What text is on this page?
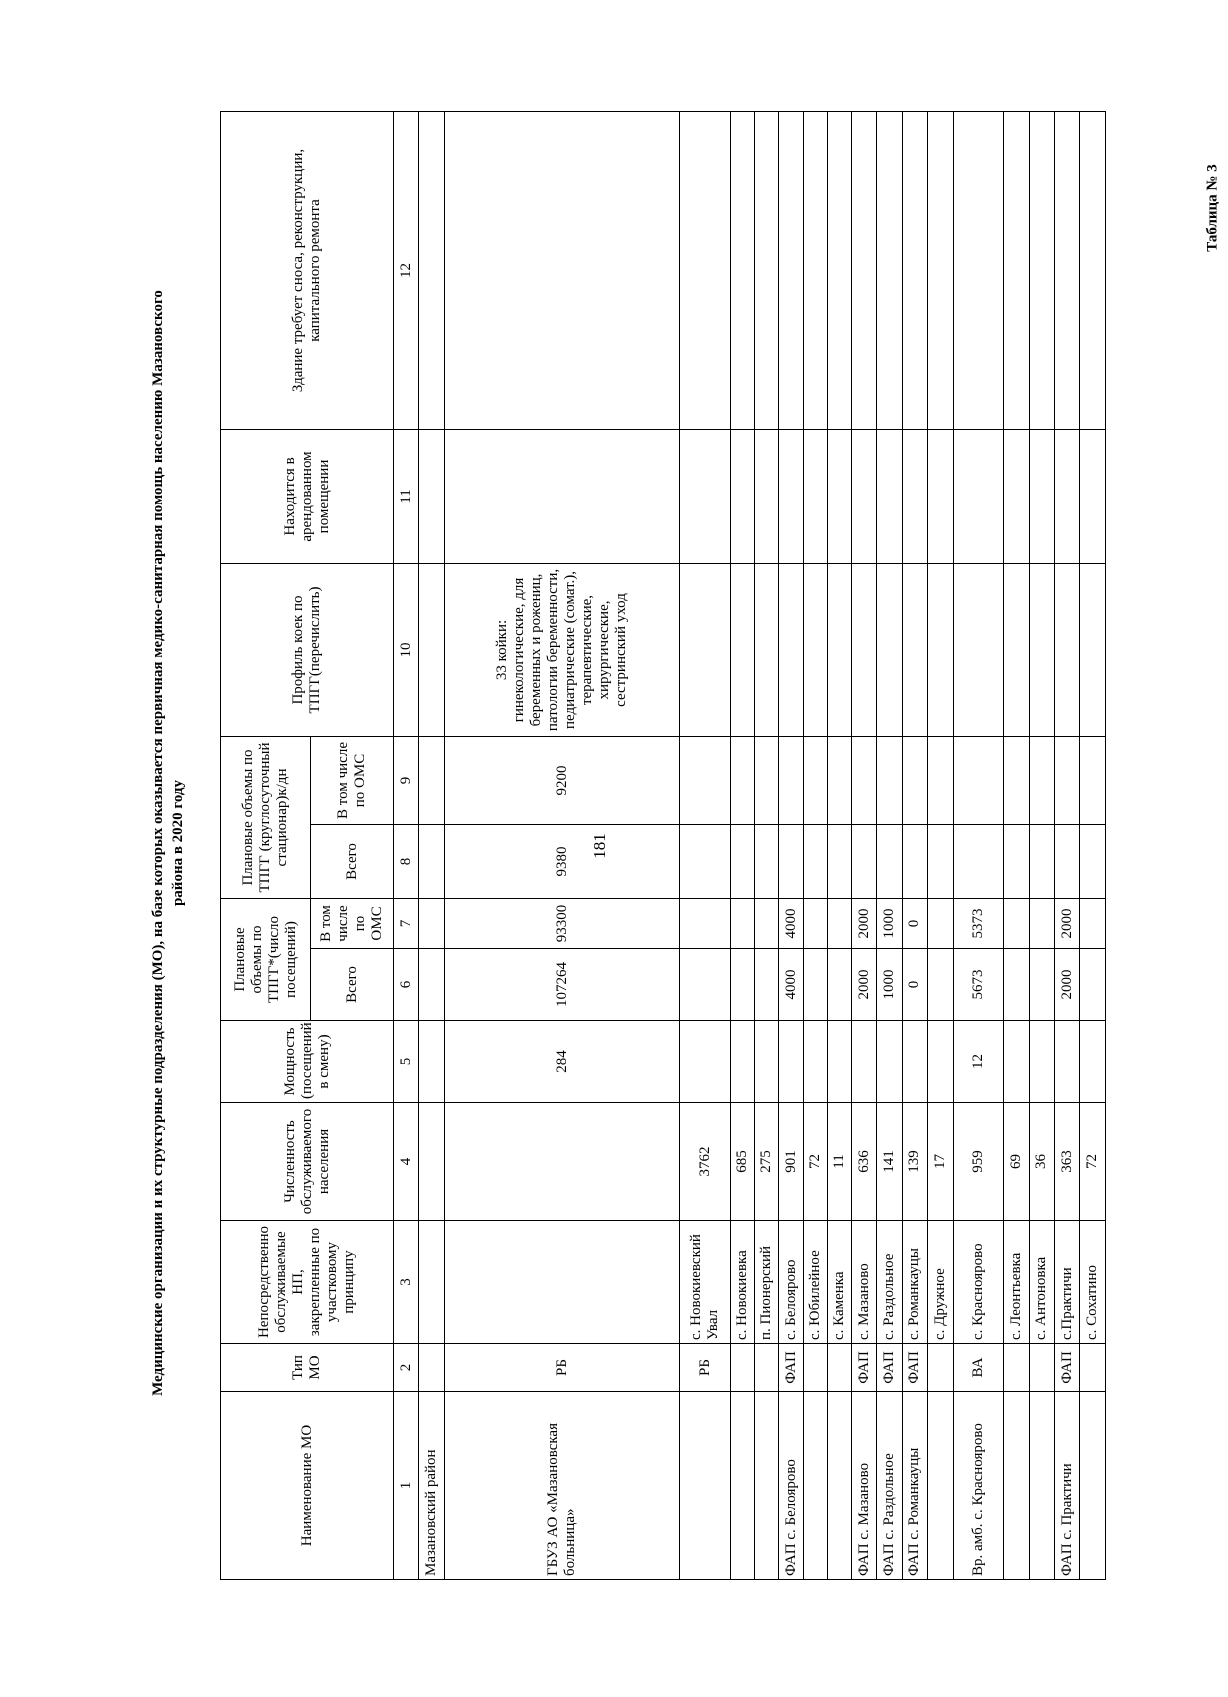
181
Медицинские организации и их структурные подразделения (МО), на базе которых оказывается первичная медико-санитарная помощь населению Мазановского района в 2020 году
Таблица № 3
Наименование МО	Тип МО	Непосредственно обслуживаемые НП, закрепленные по участковому принципу	Численность обслуживаемого населения	Мощность (посещений в смену)	Плановые объемы по ТПГГ*(число посещений)		Плановые объемы по ТПГГ (круглосуточный стационар)к/дн		Профиль коек по ТПГГ(перечислить)	Находится в арендованном помещении	Здание требует сноса, реконструкции, капитального ремонта
					Всего	В том числе по ОМС	Всего	В том числе по ОМС			
1	2	3	4	5	6	7	8	9	10	11	12
Мазановский район											
ГБУЗ АО «Мазановская больница»	РБ			284	107264	93300	9380	9200	33 койки: гинекологические, для беременных и рожениц, патологии беременности, педиатрические (сомат.), терапевтические, хирургические, сестринский уход		
	РБ	с. Новокиевский Увал	3762								
		с. Новокиевка	685								
		п. Пионерский	275								
ФАП с. Белоярово	ФАП	с. Белоярово	901		4000	4000					
		с. Юбилейное	72								
		с. Каменка	11								
ФАП с. Мазаново	ФАП	с. Мазаново	636		2000	2000					
ФАП с. Раздольное	ФАП	с. Раздольное	141		1000	1000					
ФАП с. Романкауцы	ФАП	с. Романкауцы	139		0	0					
		с. Дружное	17								
Вр. амб. с. Красноярово	ВА	с. Красноярово	959	12	5673	5373					
		с. Леонтьевка	69								
		с. Антоновка	36								
ФАП с. Практичи	ФАП	с.Практичи	363		2000	2000					
		с. Сохатино	72								
